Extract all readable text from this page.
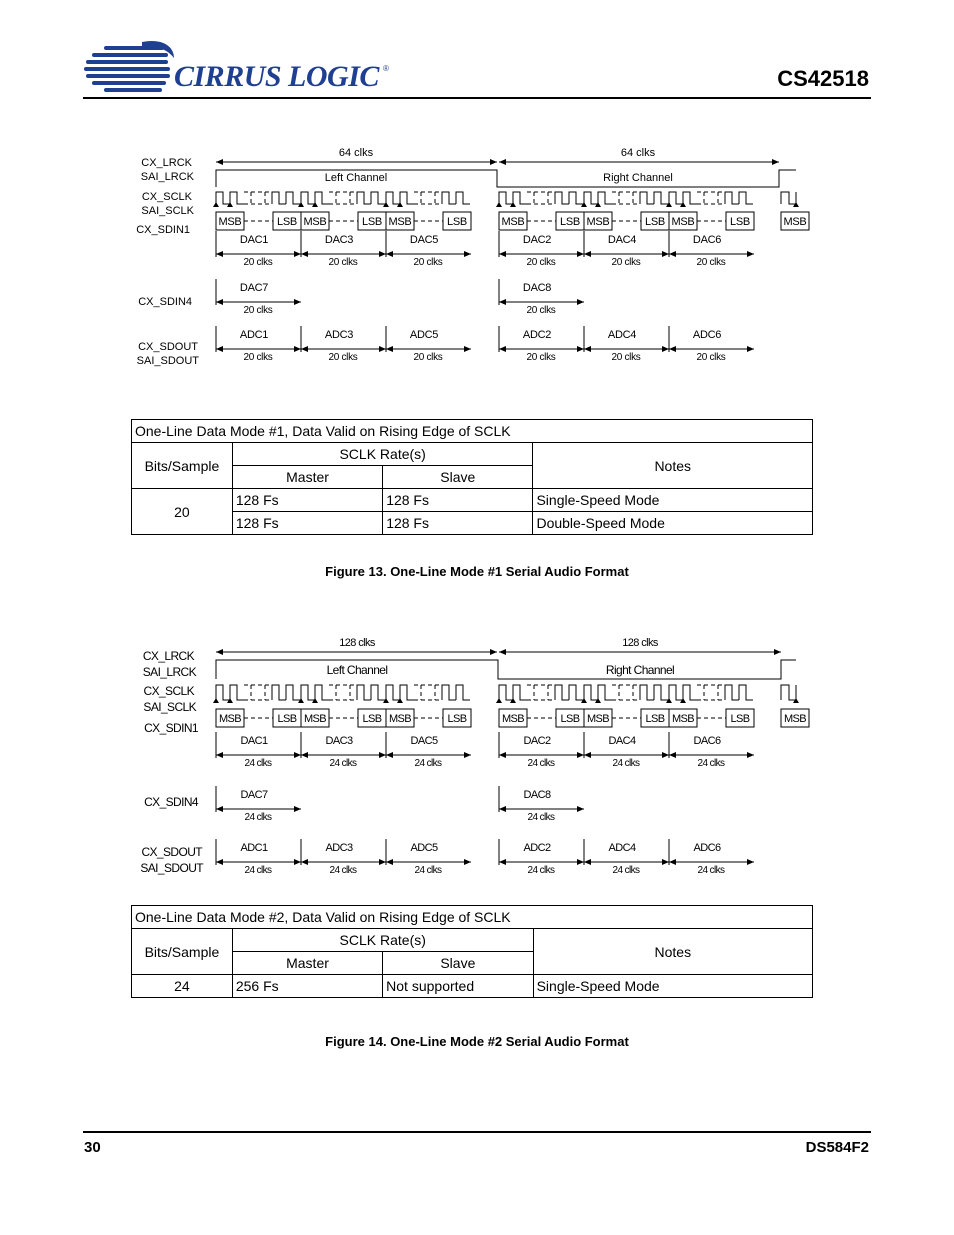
CIRRUS LOGIC ®	CS42518
CX_LRCK
SAI_LRCK
CX_SCLK
SAI_SCLK
CX_SDIN1
CX_SDIN4
CX_SDOUT
SAI_SDOUT
64 clks	64 clks
Left Channel	Right Channel
MSB	LSB MSB	LSB MSB	LSB	MSB	LSB MSB	LSB MSB	LSB	MSB
DAC1
20 clks
DAC3
20 clks
DAC5
20 clks
DAC2
20 clks
DAC4
20 clks
DAC6
20 clks
DAC7
20 clks
DAC8
20 clks
ADC1
20 clks
ADC3
20 clks
ADC5
20 clks
ADC2
20 clks
ADC4
20 clks
ADC6
20 clks
One-Line Data Mode #1, Data Valid on Rising Edge of SCLK			
Bits/Sample	SCLK Rate(s)		Notes
	Master	Slave	
20	128 Fs	128 Fs	Single-Speed Mode
	128 Fs	128 Fs	Double-Speed Mode
Figure 13. One-Line Mode #1 Serial Audio Format
CX_LRCK
SAI_LRCK
CX_SCLK
SAI_SCLK
CX_SDIN1
CX_SDIN4
CX_SDOUT
SAI_SDOUT
128 clks	128 clks
Left Channel	Right Channel
MSB	LSB MSB	LSB MSB	LSB	MSB	LSB MSB	LSB MSB	LSB	MSB
DAC1
24 clks
DAC3
24 clks
DAC5
24 clks
DAC2
24 clks
DAC4
24 clks
DAC6
24 clks
DAC7
24 clks
DAC8
24 clks
ADC1
24 clks
ADC3
24 clks
ADC5
24 clks
ADC2
24 clks
ADC4
24 clks
ADC6
24 clks
One-Line Data Mode #2, Data Valid on Rising Edge of SCLK			
Bits/Sample	SCLK Rate(s)		Notes
	Master	Slave	
24	256 Fs	Not supported	Single-Speed Mode
Figure 14. One-Line Mode #2 Serial Audio Format
30	DS584F2
